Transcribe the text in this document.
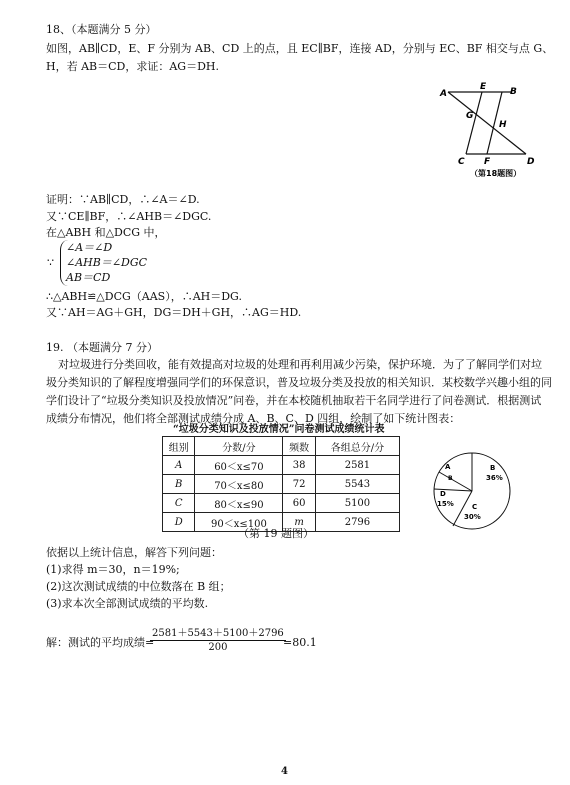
18、（本题满分 5 分）
如图，AB∥CD，E、F 分别为 AB、CD 上的点，且 EC∥BF，连接 AD，分别与 EC、BF 相交与点 G、
H，若 AB＝CD，求证：AG＝DH.
A
E	B
G
H
C F	D
（第18题图）
证明：∵AB∥CD，∴∠A＝∠D.
又∵CE∥BF，∴∠AHB＝∠DGC.
在△ABH 和△DCG 中，
∵
∠A＝∠D
∠AHB＝∠DGC
AB＝CD
∴△ABH≌△DCG（AAS），∴AH＝DG.
又∵AH＝AG＋GH，DG＝DH＋GH，∴AG＝HD.
19. （本题满分 7 分）
对垃圾进行分类回收，能有效提高对垃圾的处理和再利用减少污染，保护环境．为了了解同学们对垃
圾分类知识的了解程度增强同学们的环保意识，普及垃圾分类及投放的相关知识．某校数学兴趣小组的同
学们设计了“垃圾分类知识及投放情况”问卷，并在本校随机抽取若干名同学进行了问卷测试．根据测试
成绩分布情况，他们将全部测试成绩分成 A、B、C、D 四组，绘制了如下统计图表：
“垃圾分类知识及投放情况”问卷测试成绩统计表
组别	分数/分	频数	各组总分/分
A	60＜x≤70	38	2581
B	70＜x≤80	72	5543
C	80＜x≤90	60	5100
D	90＜x≤100	m	2796
A
B
B
36%
D
15%	C
30%
（第 19 题图）
依据以上统计信息，解答下列问题：
(1)求得 m＝30，n＝19%;
(2)这次测试成绩的中位数落在 B 组；
(3)求本次全部测试成绩的平均数.
解：测试的平均成绩=
$\frac{2581+5543+5100+2796}{200}$
=80.1
4
